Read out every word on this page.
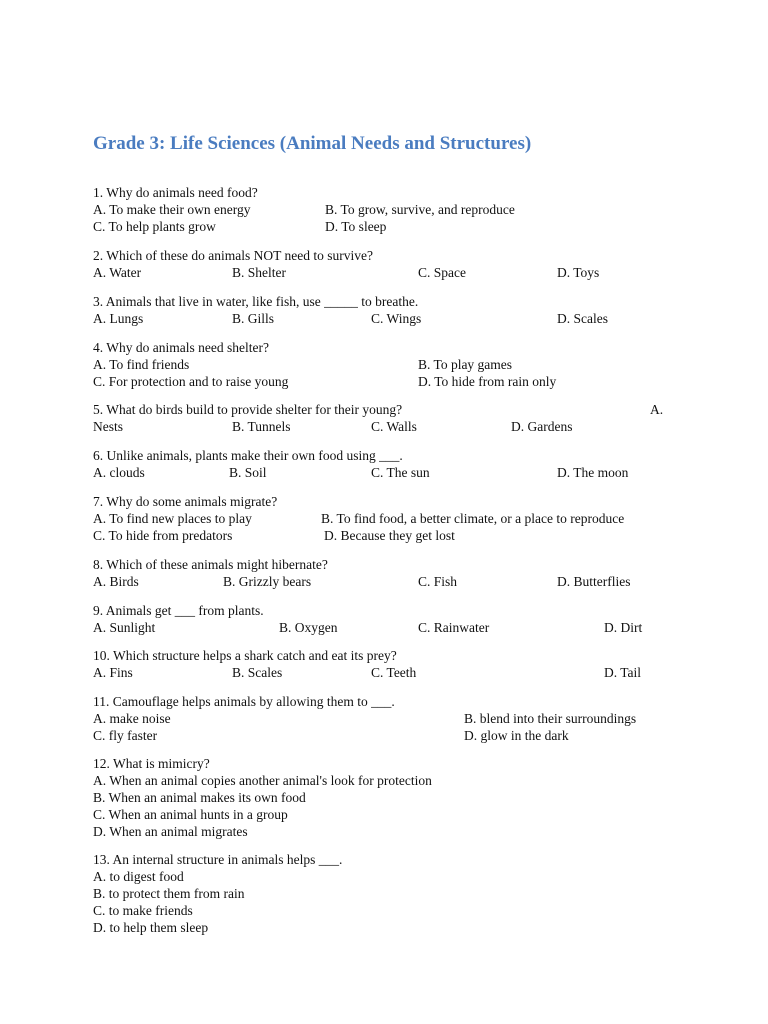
Grade 3: Life Sciences (Animal Needs and Structures)
1. Why do animals need food?
A. To make their own energy	B. To grow, survive, and reproduce
C. To help plants grow	D. To sleep
2. Which of these do animals NOT need to survive?
A. Water	B. Shelter	C. Space	D. Toys
3. Animals that live in water, like fish, use _____ to breathe.
A. Lungs	B. Gills	C. Wings	D. Scales
4. Why do animals need shelter?
A. To find friends	B. To play games
C. For protection and to raise young	D. To hide from rain only
5. What do birds build to provide shelter for their young?	A.
Nests	B. Tunnels	C. Walls	D. Gardens
6. Unlike animals, plants make their own food using ___.
A. clouds	B. Soil	C. The sun	D. The moon
7. Why do some animals migrate?
A. To find new places to play	B. To find food, a better climate, or a place to reproduce
C. To hide from predators	D. Because they get lost
8. Which of these animals might hibernate?
A. Birds	B. Grizzly bears	C. Fish	D. Butterflies
9. Animals get ___ from plants.
A. Sunlight	B. Oxygen	C. Rainwater	D. Dirt
10. Which structure helps a shark catch and eat its prey?
A. Fins	B. Scales	C. Teeth	D. Tail
11. Camouflage helps animals by allowing them to ___.
A. make noise	B. blend into their surroundings
C. fly faster	D. glow in the dark
12. What is mimicry?
A. When an animal copies another animal's look for protection
B. When an animal makes its own food
C. When an animal hunts in a group
D. When an animal migrates
13. An internal structure in animals helps ___.
A. to digest food
B. to protect them from rain
C. to make friends
D. to help them sleep
